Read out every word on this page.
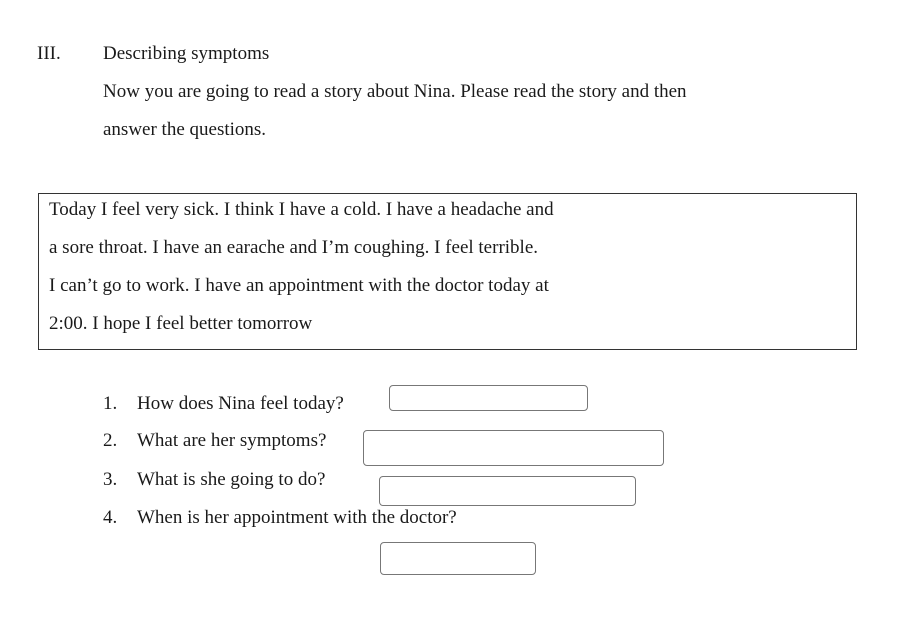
III. Describing symptoms
Now you are going to read a story about Nina. Please read the story and then
answer the questions.
Today I feel very sick. I think I have a cold. I have a headache and
a sore throat. I have an earache and I’m coughing. I feel terrible.
I can’t go to work. I have an appointment with the doctor today at
2:00. I hope I feel better tomorrow
1. How does Nina feel today?
2. What are her symptoms?
3. What is she going to do?
4. When is her appointment with the doctor?
